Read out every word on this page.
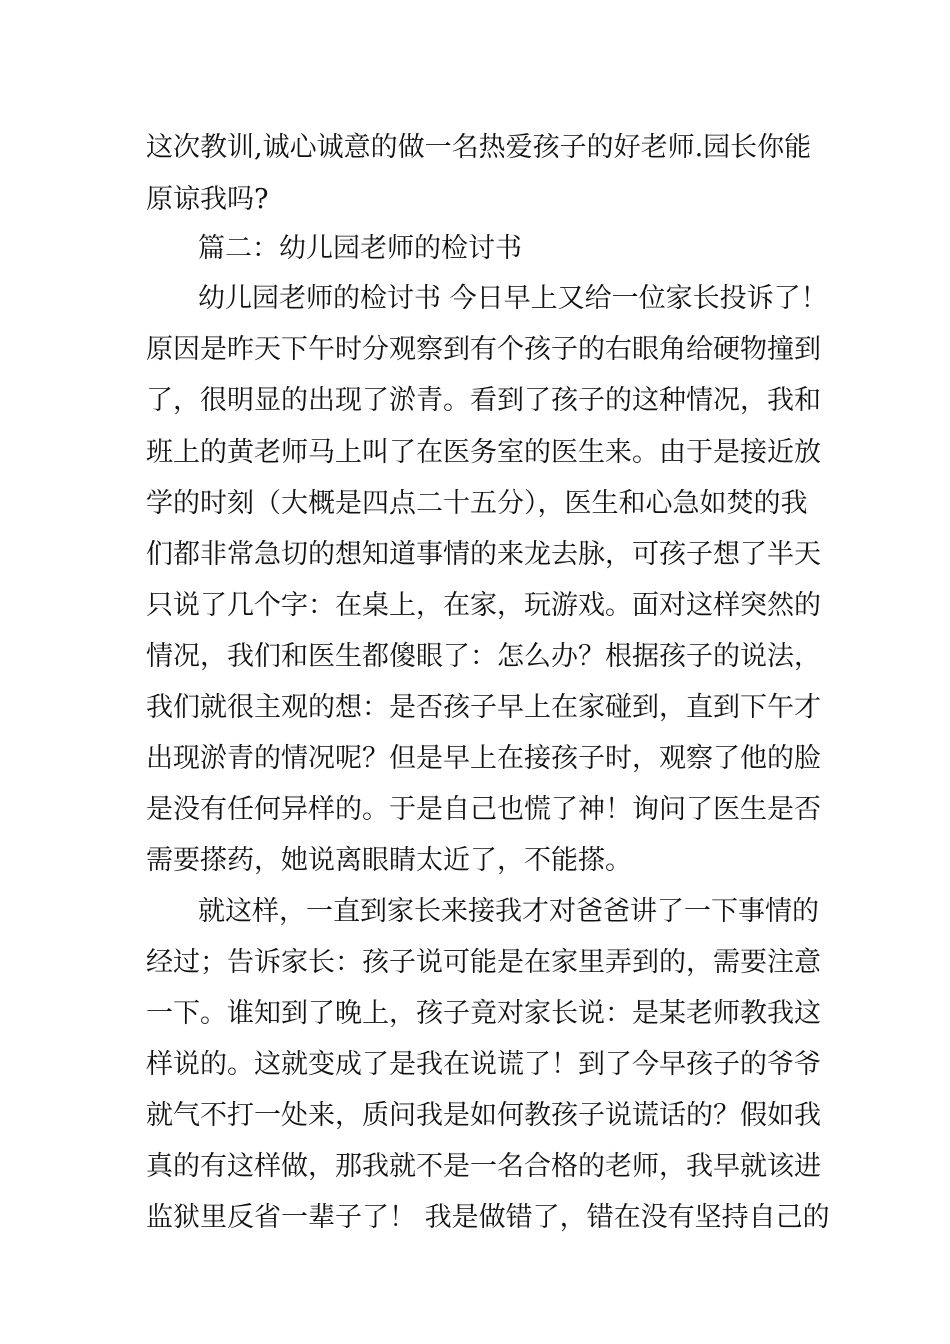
这次教训,诚心诚意的做一名热爱孩子的好老师.园长你能

原谅我吗?

篇二：幼儿园老师的检讨书

幼儿园老师的检讨书 今日早上又给一位家长投诉了！

原因是昨天下午时分观察到有个孩子的右眼角给硬物撞到

了，很明显的出现了淤青。看到了孩子的这种情况，我和

班上的黄老师马上叫了在医务室的医生来。由于是接近放

学的时刻（大概是四点二十五分），医生和心急如焚的我

们都非常急切的想知道事情的来龙去脉，可孩子想了半天

只说了几个字：在桌上，在家，玩游戏。面对这样突然的

情况，我们和医生都傻眼了：怎么办？根据孩子的说法，

我们就很主观的想：是否孩子早上在家碰到，直到下午才

出现淤青的情况呢？但是早上在接孩子时，观察了他的脸

是没有任何异样的。于是自己也慌了神！询问了医生是否

需要搽药，她说离眼睛太近了，不能搽。

就这样，一直到家长来接我才对爸爸讲了一下事情的

经过；告诉家长：孩子说可能是在家里弄到的，需要注意

一下。谁知到了晚上，孩子竟对家长说：是某老师教我这

样说的。这就变成了是我在说谎了！到了今早孩子的爷爷

就气不打一处来，质问我是如何教孩子说谎话的？假如我

真的有这样做，那我就不是一名合格的老师，我早就该进

监狱里反省一辈子了！ 我是做错了，错在没有坚持自己的
